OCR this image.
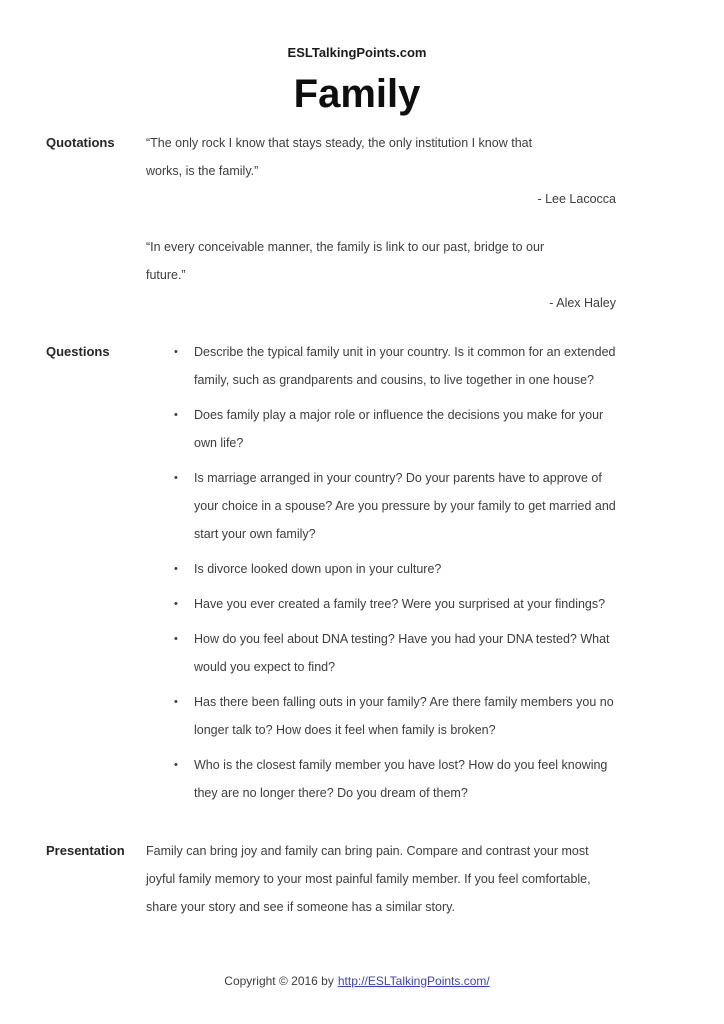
ESLTalkingPoints.com
Family
Quotations	“The only rock I know that stays steady, the only institution I know that
works, is the family.”
- Lee Lacocca
“In every conceivable manner, the family is link to our past, bridge to our
future.”
- Alex Haley
Questions	•	Describe the typical family unit in your country. Is it common for an extended
family, such as grandparents and cousins, to live together in one house?
•	Does family play a major role or influence the decisions you make for your
own life?
•	Is marriage arranged in your country? Do your parents have to approve of
your choice in a spouse? Are you pressure by your family to get married and
start your own family?
•	Is divorce looked down upon in your culture?
•	Have you ever created a family tree? Were you surprised at your findings?
•	How do you feel about DNA testing? Have you had your DNA tested? What
would you expect to find?
•	Has there been falling outs in your family? Are there family members you no
longer talk to? How does it feel when family is broken?
•	Who is the closest family member you have lost? How do you feel knowing
they are no longer there? Do you dream of them?
Presentation	Family can bring joy and family can bring pain. Compare and contrast your most
joyful family memory to your most painful family member. If you feel comfortable,
share your story and see if someone has a similar story.
Copyright © 2016 by http://ESLTalkingPoints.com/
